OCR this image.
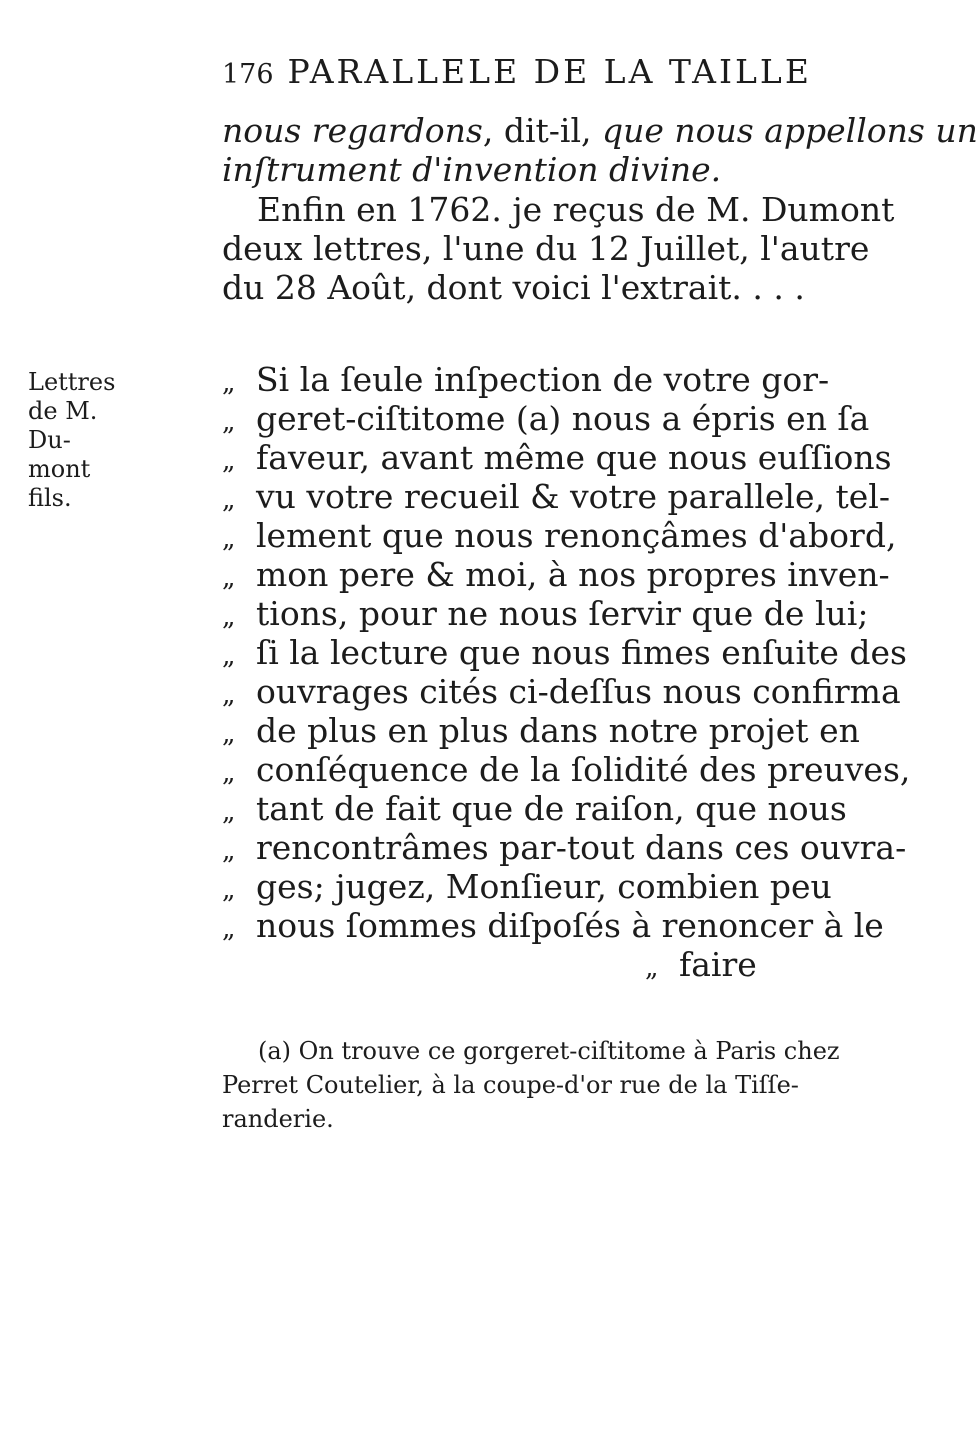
176 PARALLELE DE LA TAILLE
nous regardons, dit-il, que nous appellons un
inſtrument d'invention divine.
Enfin en 1762. je reçus de M. Dumont
deux lettres, l'une du 12 Juillet, l'autre
du 28 Août, dont voici l'extrait. . . .
Lettres
de M.
Du-
mont
fils.
„ Si la ſeule inſpection de votre gor-
„ geret-ciſtitome (a) nous a épris en ſa
„ faveur, avant même que nous euſſions
„ vu votre recueil & votre parallele, tel-
„ lement que nous renonçâmes d'abord,
„ mon pere & moi, à nos propres inven-
„ tions, pour ne nous ſervir que de lui;
„ ſi la lecture que nous fimes enſuite des
„ ouvrages cités ci-deſſus nous confirma
„ de plus en plus dans notre projet en
„ conſéquence de la ſolidité des preuves,
„ tant de fait que de raiſon, que nous
„ rencontrâmes par-tout dans ces ouvra-
„ ges; jugez, Monſieur, combien peu
„ nous ſommes diſpoſés à renoncer à le
„ faire
(a) On trouve ce gorgeret-ciſtitome à Paris chez
Perret Coutelier, à la coupe-d'or rue de la Tiſſe-
randerie.
